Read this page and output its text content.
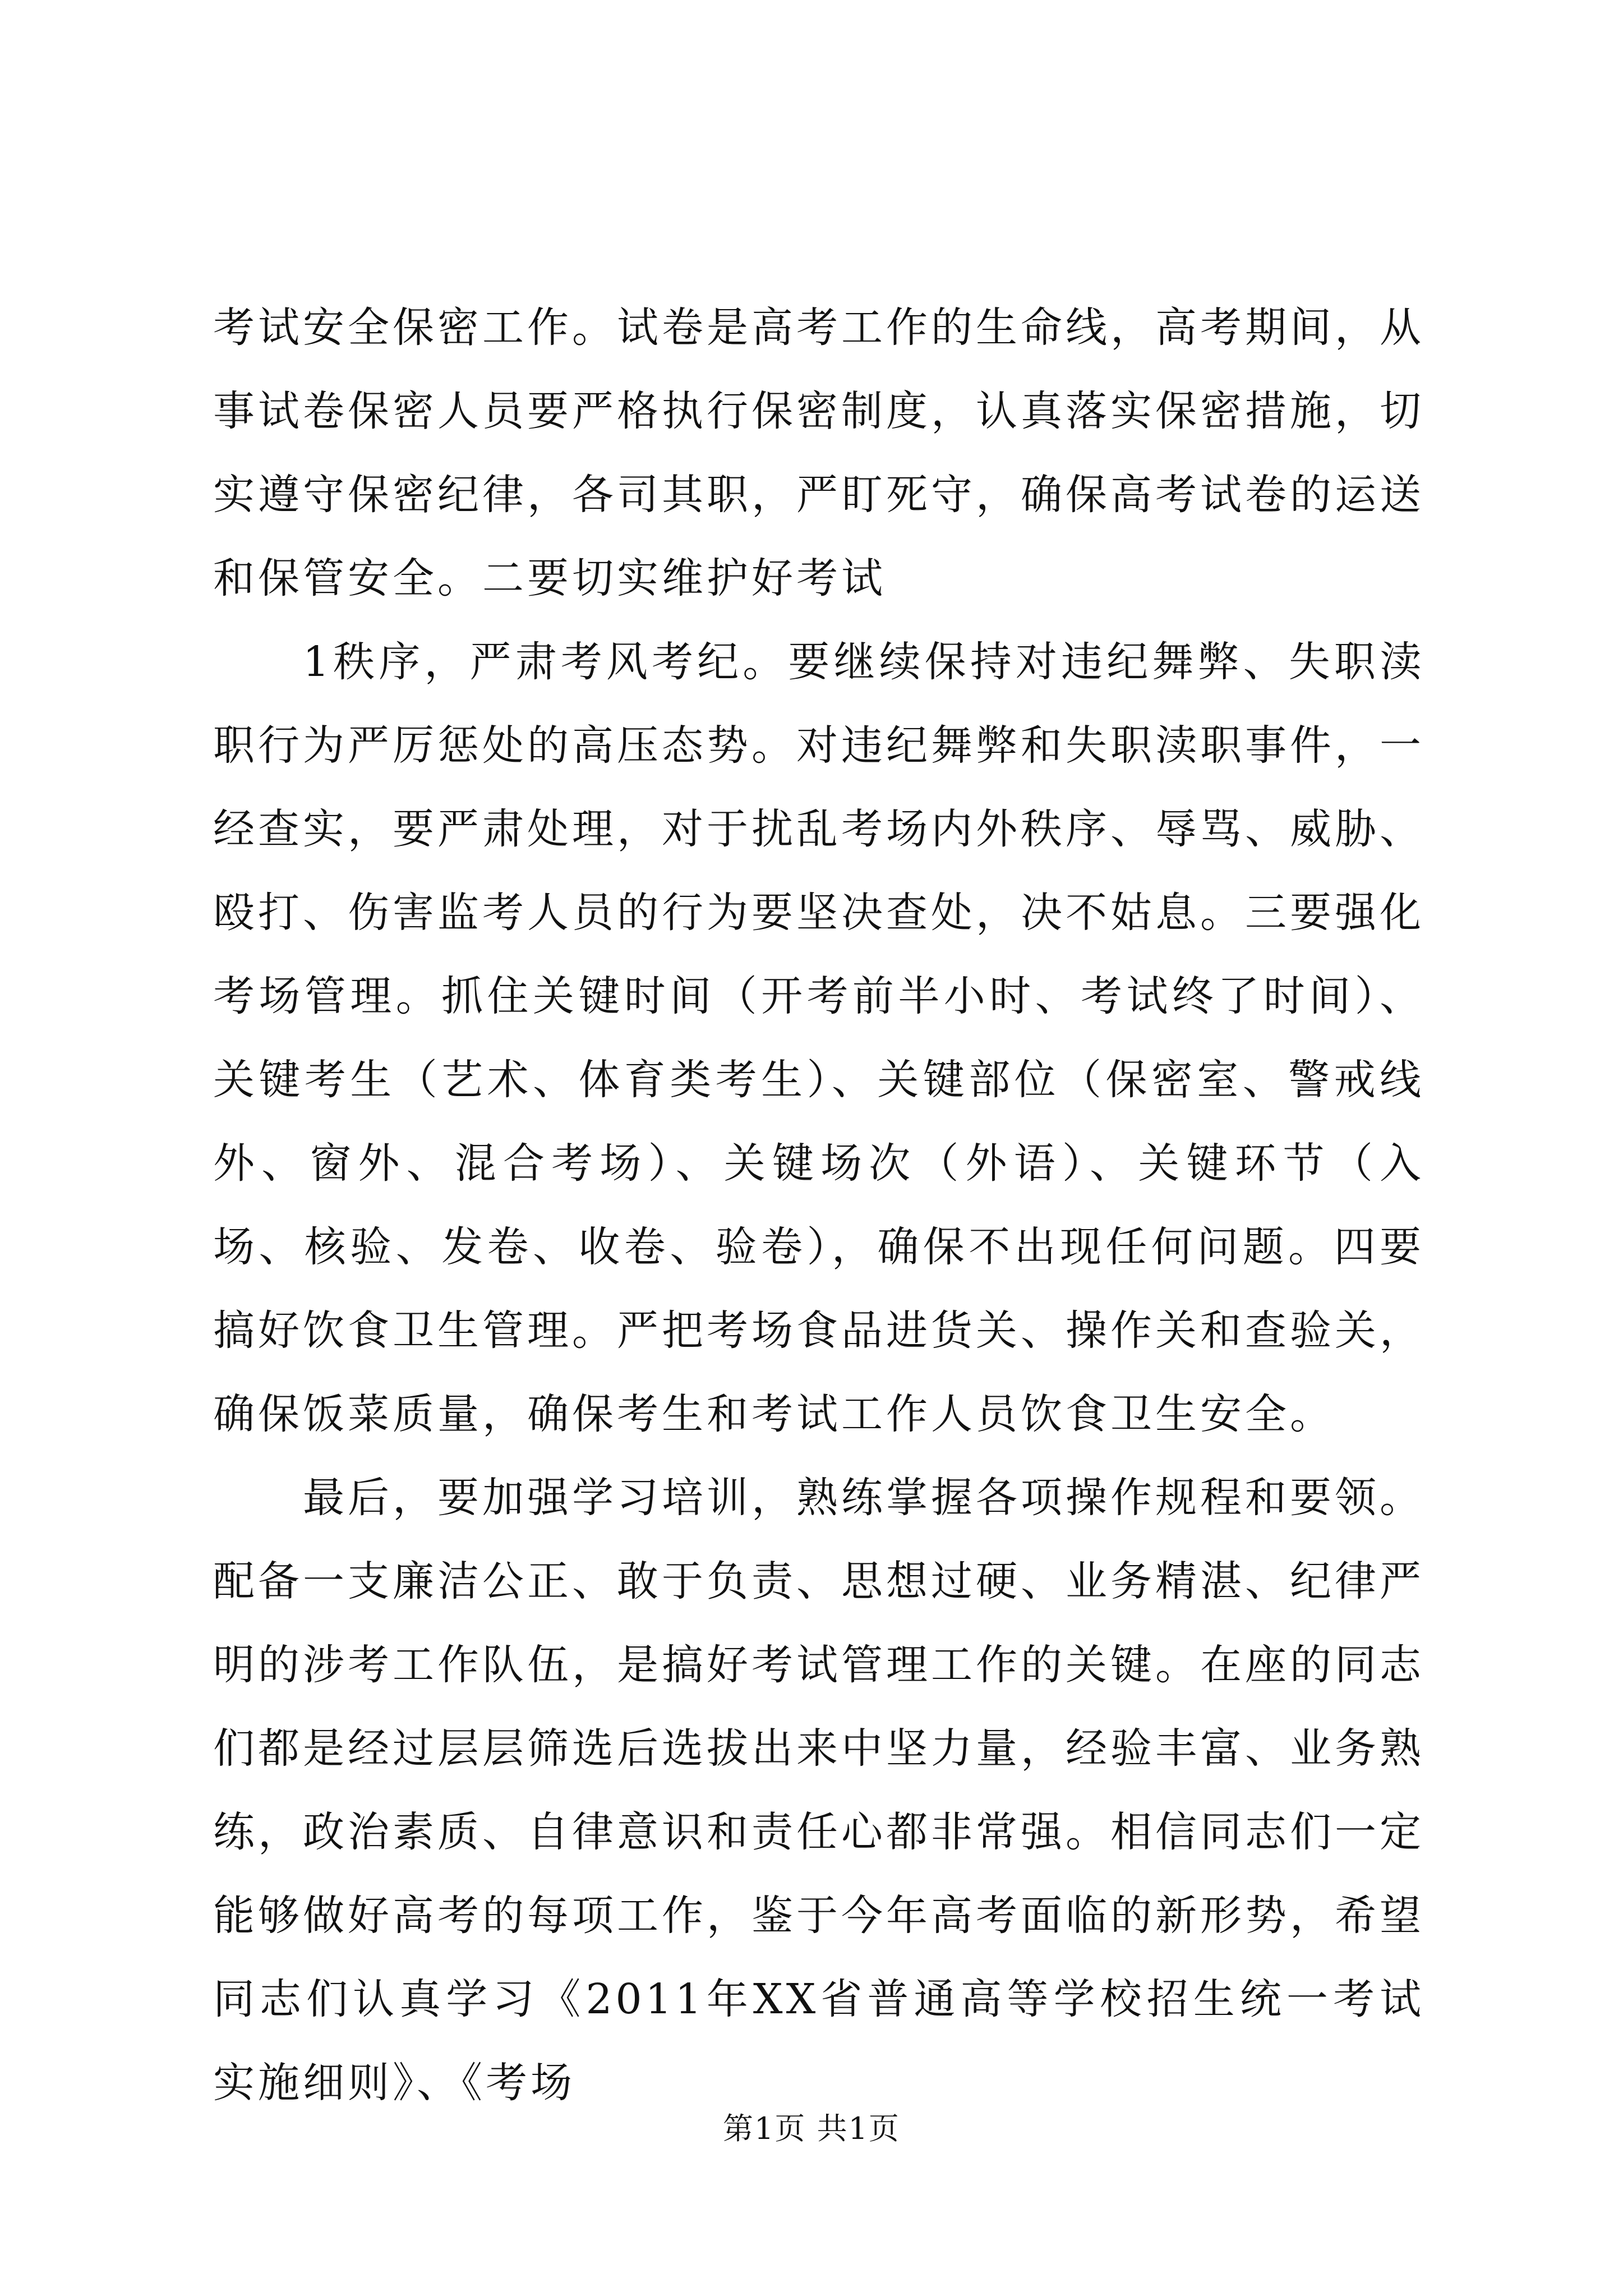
考试安全保密工作。试卷是高考工作的生命线，高考期间，从事试卷保密人员要严格执行保密制度，认真落实保密措施，切实遵守保密纪律，各司其职，严盯死守，确保高考试卷的运送和保管安全。二要切实维护好考试

1秩序，严肃考风考纪。要继续保持对违纪舞弊、失职渎职行为严厉惩处的高压态势。对违纪舞弊和失职渎职事件，一经查实，要严肃处理，对于扰乱考场内外秩序、辱骂、威胁、殴打、伤害监考人员的行为要坚决查处，决不姑息。三要强化考场管理。抓住关键时间（开考前半小时、考试终了时间）、关键考生（艺术、体育类考生）、关键部位（保密室、警戒线外、窗外、混合考场）、关键场次（外语）、关键环节（入场、核验、发卷、收卷、验卷），确保不出现任何问题。四要搞好饮食卫生管理。严把考场食品进货关、操作关和查验关，确保饭菜质量，确保考生和考试工作人员饮食卫生安全。

最后，要加强学习培训，熟练掌握各项操作规程和要领。配备一支廉洁公正、敢于负责、思想过硬、业务精湛、纪律严明的涉考工作队伍，是搞好考试管理工作的关键。在座的同志们都是经过层层筛选后选拔出来中坚力量，经验丰富、业务熟练，政治素质、自律意识和责任心都非常强。相信同志们一定能够做好高考的每项工作，鉴于今年高考面临的新形势，希望同志们认真学习《2011年XX省普通高等学校招生统一考试实施细则》、《考场

第1页 共1页
